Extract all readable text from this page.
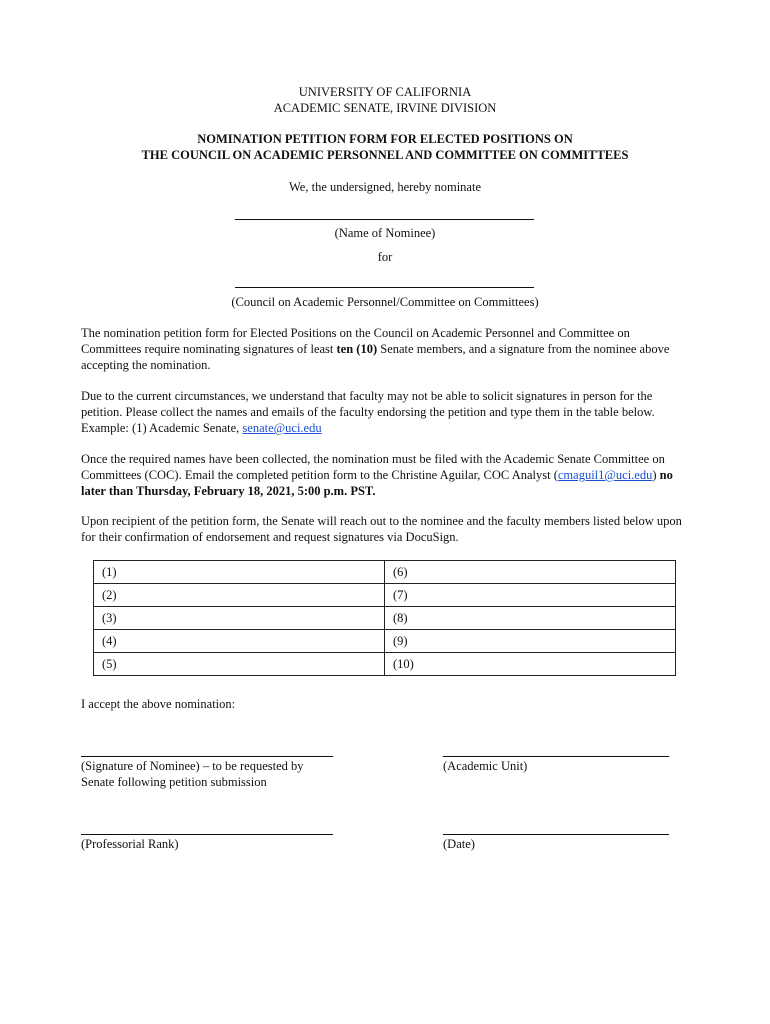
UNIVERSITY OF CALIFORNIA
ACADEMIC SENATE, IRVINE DIVISION
NOMINATION PETITION FORM FOR ELECTED POSITIONS ON
THE COUNCIL ON ACADEMIC PERSONNEL AND COMMITTEE ON COMMITTEES
We, the undersigned, hereby nominate
(Name of Nominee)
for
(Council on Academic Personnel/Committee on Committees)
The nomination petition form for Elected Positions on the Council on Academic Personnel and Committee on Committees require nominating signatures of least ten (10) Senate members, and a signature from the nominee above accepting the nomination.
Due to the current circumstances, we understand that faculty may not be able to solicit signatures in person for the petition. Please collect the names and emails of the faculty endorsing the petition and type them in the table below. Example: (1) Academic Senate, senate@uci.edu
Once the required names have been collected, the nomination must be filed with the Academic Senate Committee on Committees (COC). Email the completed petition form to the Christine Aguilar, COC Analyst (cmaguil1@uci.edu) no later than Thursday, February 18, 2021, 5:00 p.m. PST.
Upon recipient of the petition form, the Senate will reach out to the nominee and the faculty members listed below upon for their confirmation of endorsement and request signatures via DocuSign.
(1)	(6)
(2)	(7)
(3)	(8)
(4)	(9)
(5)	(10)
I accept the above nomination:
(Signature of Nominee) – to be requested by
Senate following petition submission
(Academic Unit)
(Professorial Rank)	(Date)
